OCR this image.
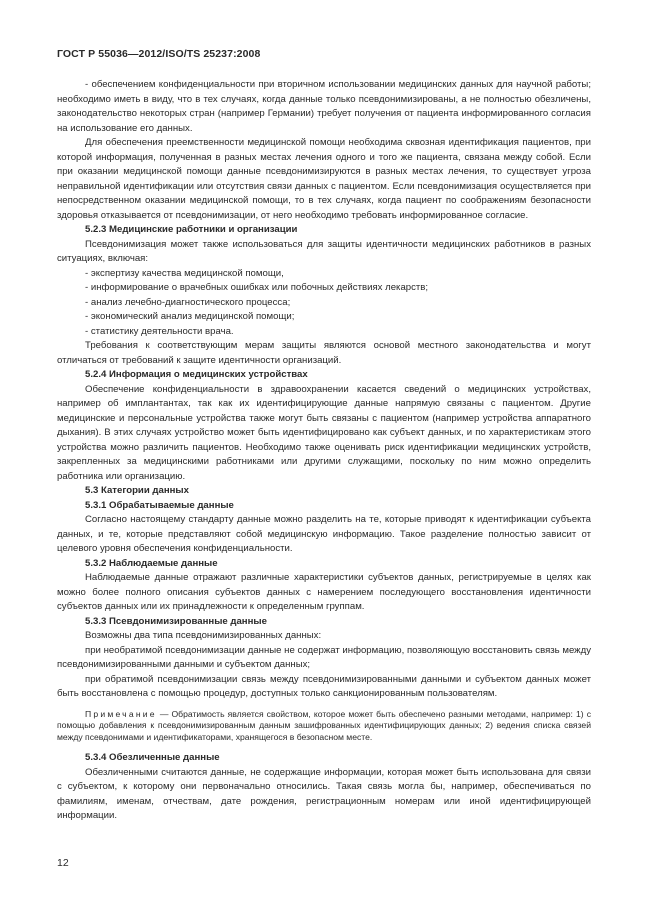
ГОСТ Р 55036—2012/ISO/TS 25237:2008

- обеспечением конфиденциальности при вторичном использовании медицинских данных для научной работы; необходимо иметь в виду, что в тех случаях, когда данные только псевдонимизированы, а не полностью обезличены, законодательство некоторых стран (например Германии) требует получения от пациента информированного согласия на использование его данных.

Для обеспечения преемственности медицинской помощи необходима сквозная идентификация пациентов, при которой информация, полученная в разных местах лечения одного и того же пациента, связана между собой. Если при оказании медицинской помощи данные псевдонимизируются в разных местах лечения, то существует угроза неправильной идентификации или отсутствия связи данных с пациентом. Если псевдонимизация осуществляется при непосредственном оказании медицинской помощи, то в тех случаях, когда пациент по соображениям безопасности здоровья отказывается от псевдонимизации, от него необходимо требовать информированное согласие.

5.2.3 Медицинские работники и организации

Псевдонимизация может также использоваться для защиты идентичности медицинских работников в разных ситуациях, включая:

- экспертизу качества медицинской помощи,

- информирование о врачебных ошибках или побочных действиях лекарств;

- анализ лечебно-диагностического процесса;

- экономический анализ медицинской помощи;

- статистику деятельности врача.

Требования к соответствующим мерам защиты являются основой местного законодательства и могут отличаться от требований к защите идентичности организаций.

5.2.4 Информация о медицинских устройствах

Обеспечение конфиденциальности в здравоохранении касается сведений о медицинских устройствах, например об имплантантах, так как их идентифицирующие данные напрямую связаны с пациентом. Другие медицинские и персональные устройства также могут быть связаны с пациентом (например устройства аппаратного дыхания). В этих случаях устройство может быть идентифицировано как субъект данных, и по характеристикам этого устройства можно различить пациентов. Необходимо также оценивать риск идентификации медицинских устройств, закрепленных за медицинскими работниками или другими служащими, поскольку по ним можно определить работника или организацию.

5.3 Категории данных

5.3.1 Обрабатываемые данные

Согласно настоящему стандарту данные можно разделить на те, которые приводят к идентификации субъекта данных, и те, которые представляют собой медицинскую информацию. Такое разделение полностью зависит от целевого уровня обеспечения конфиденциальности.

5.3.2 Наблюдаемые данные

Наблюдаемые данные отражают различные характеристики субъектов данных, регистрируемые в целях как можно более полного описания субъектов данных с намерением последующего восстановления идентичности субъектов данных или их принадлежности к определенным группам.

5.3.3 Псевдонимизированные данные

Возможны два типа псевдонимизированных данных:

при необратимой псевдонимизации данные не содержат информацию, позволяющую восстановить связь между псевдонимизированными данными и субъектом данных;

при обратимой псевдонимизации связь между псевдонимизированными данными и субъектом данных может быть восстановлена с помощью процедур, доступных только санкционированным пользователям.

Примечание — Обратимость является свойством, которое может быть обеспечено разными методами, например: 1) с помощью добавления к псевдонимизированным данным зашифрованных идентифицирующих данных; 2) ведения списка связей между псевдонимами и идентификаторами, хранящегося в безопасном месте.

5.3.4 Обезличенные данные

Обезличенными считаются данные, не содержащие информации, которая может быть использована для связи с субъектом, к которому они первоначально относились. Такая связь могла бы, например, обеспечиваться по фамилиям, именам, отчествам, дате рождения, регистрационным номерам или иной идентифицирующей информации.

12
